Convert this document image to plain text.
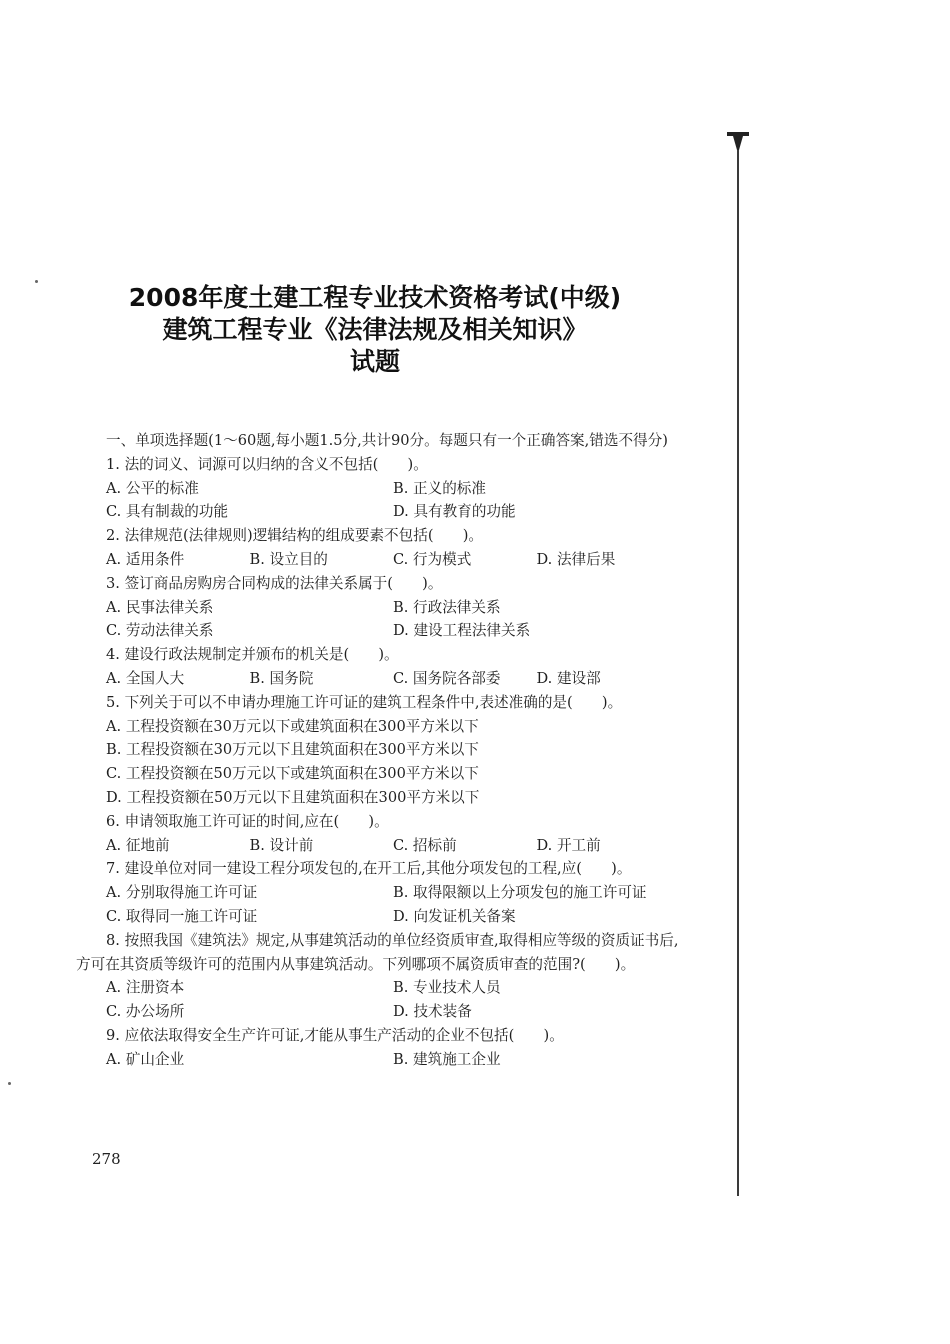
2008年度土建工程专业技术资格考试(中级)
建筑工程专业《法律法规及相关知识》
试题

一、单项选择题(1～60题,每小题1.5分,共计90分。每题只有一个正确答案,错选不得分)

1. 法的词义、词源可以归纳的含义不包括(　　)。

A. 公平的标准	B. 正义的标准
C. 具有制裁的功能	D. 具有教育的功能

2. 法律规范(法律规则)逻辑结构的组成要素不包括(　　)。

A. 适用条件	B. 设立目的	C. 行为模式	D. 法律后果

3. 签订商品房购房合同构成的法律关系属于(　　)。

A. 民事法律关系	B. 行政法律关系
C. 劳动法律关系	D. 建设工程法律关系

4. 建设行政法规制定并颁布的机关是(　　)。

A. 全国人大	B. 国务院	C. 国务院各部委	D. 建设部

5. 下列关于可以不申请办理施工许可证的建筑工程条件中,表述准确的是(　　)。

A. 工程投资额在30万元以下或建筑面积在300平方米以下

B. 工程投资额在30万元以下且建筑面积在300平方米以下

C. 工程投资额在50万元以下或建筑面积在300平方米以下

D. 工程投资额在50万元以下且建筑面积在300平方米以下

6. 申请领取施工许可证的时间,应在(　　)。

A. 征地前	B. 设计前	C. 招标前	D. 开工前

7. 建设单位对同一建设工程分项发包的,在开工后,其他分项发包的工程,应(　　)。

A. 分别取得施工许可证	B. 取得限额以上分项发包的施工许可证
C. 取得同一施工许可证	D. 向发证机关备案

8. 按照我国《建筑法》规定,从事建筑活动的单位经资质审查,取得相应等级的资质证书后,方可在其资质等级许可的范围内从事建筑活动。下列哪项不属资质审查的范围?(　　)。

A. 注册资本	B. 专业技术人员
C. 办公场所	D. 技术装备

9. 应依法取得安全生产许可证,才能从事生产活动的企业不包括(　　)。

A. 矿山企业	B. 建筑施工企业
278
